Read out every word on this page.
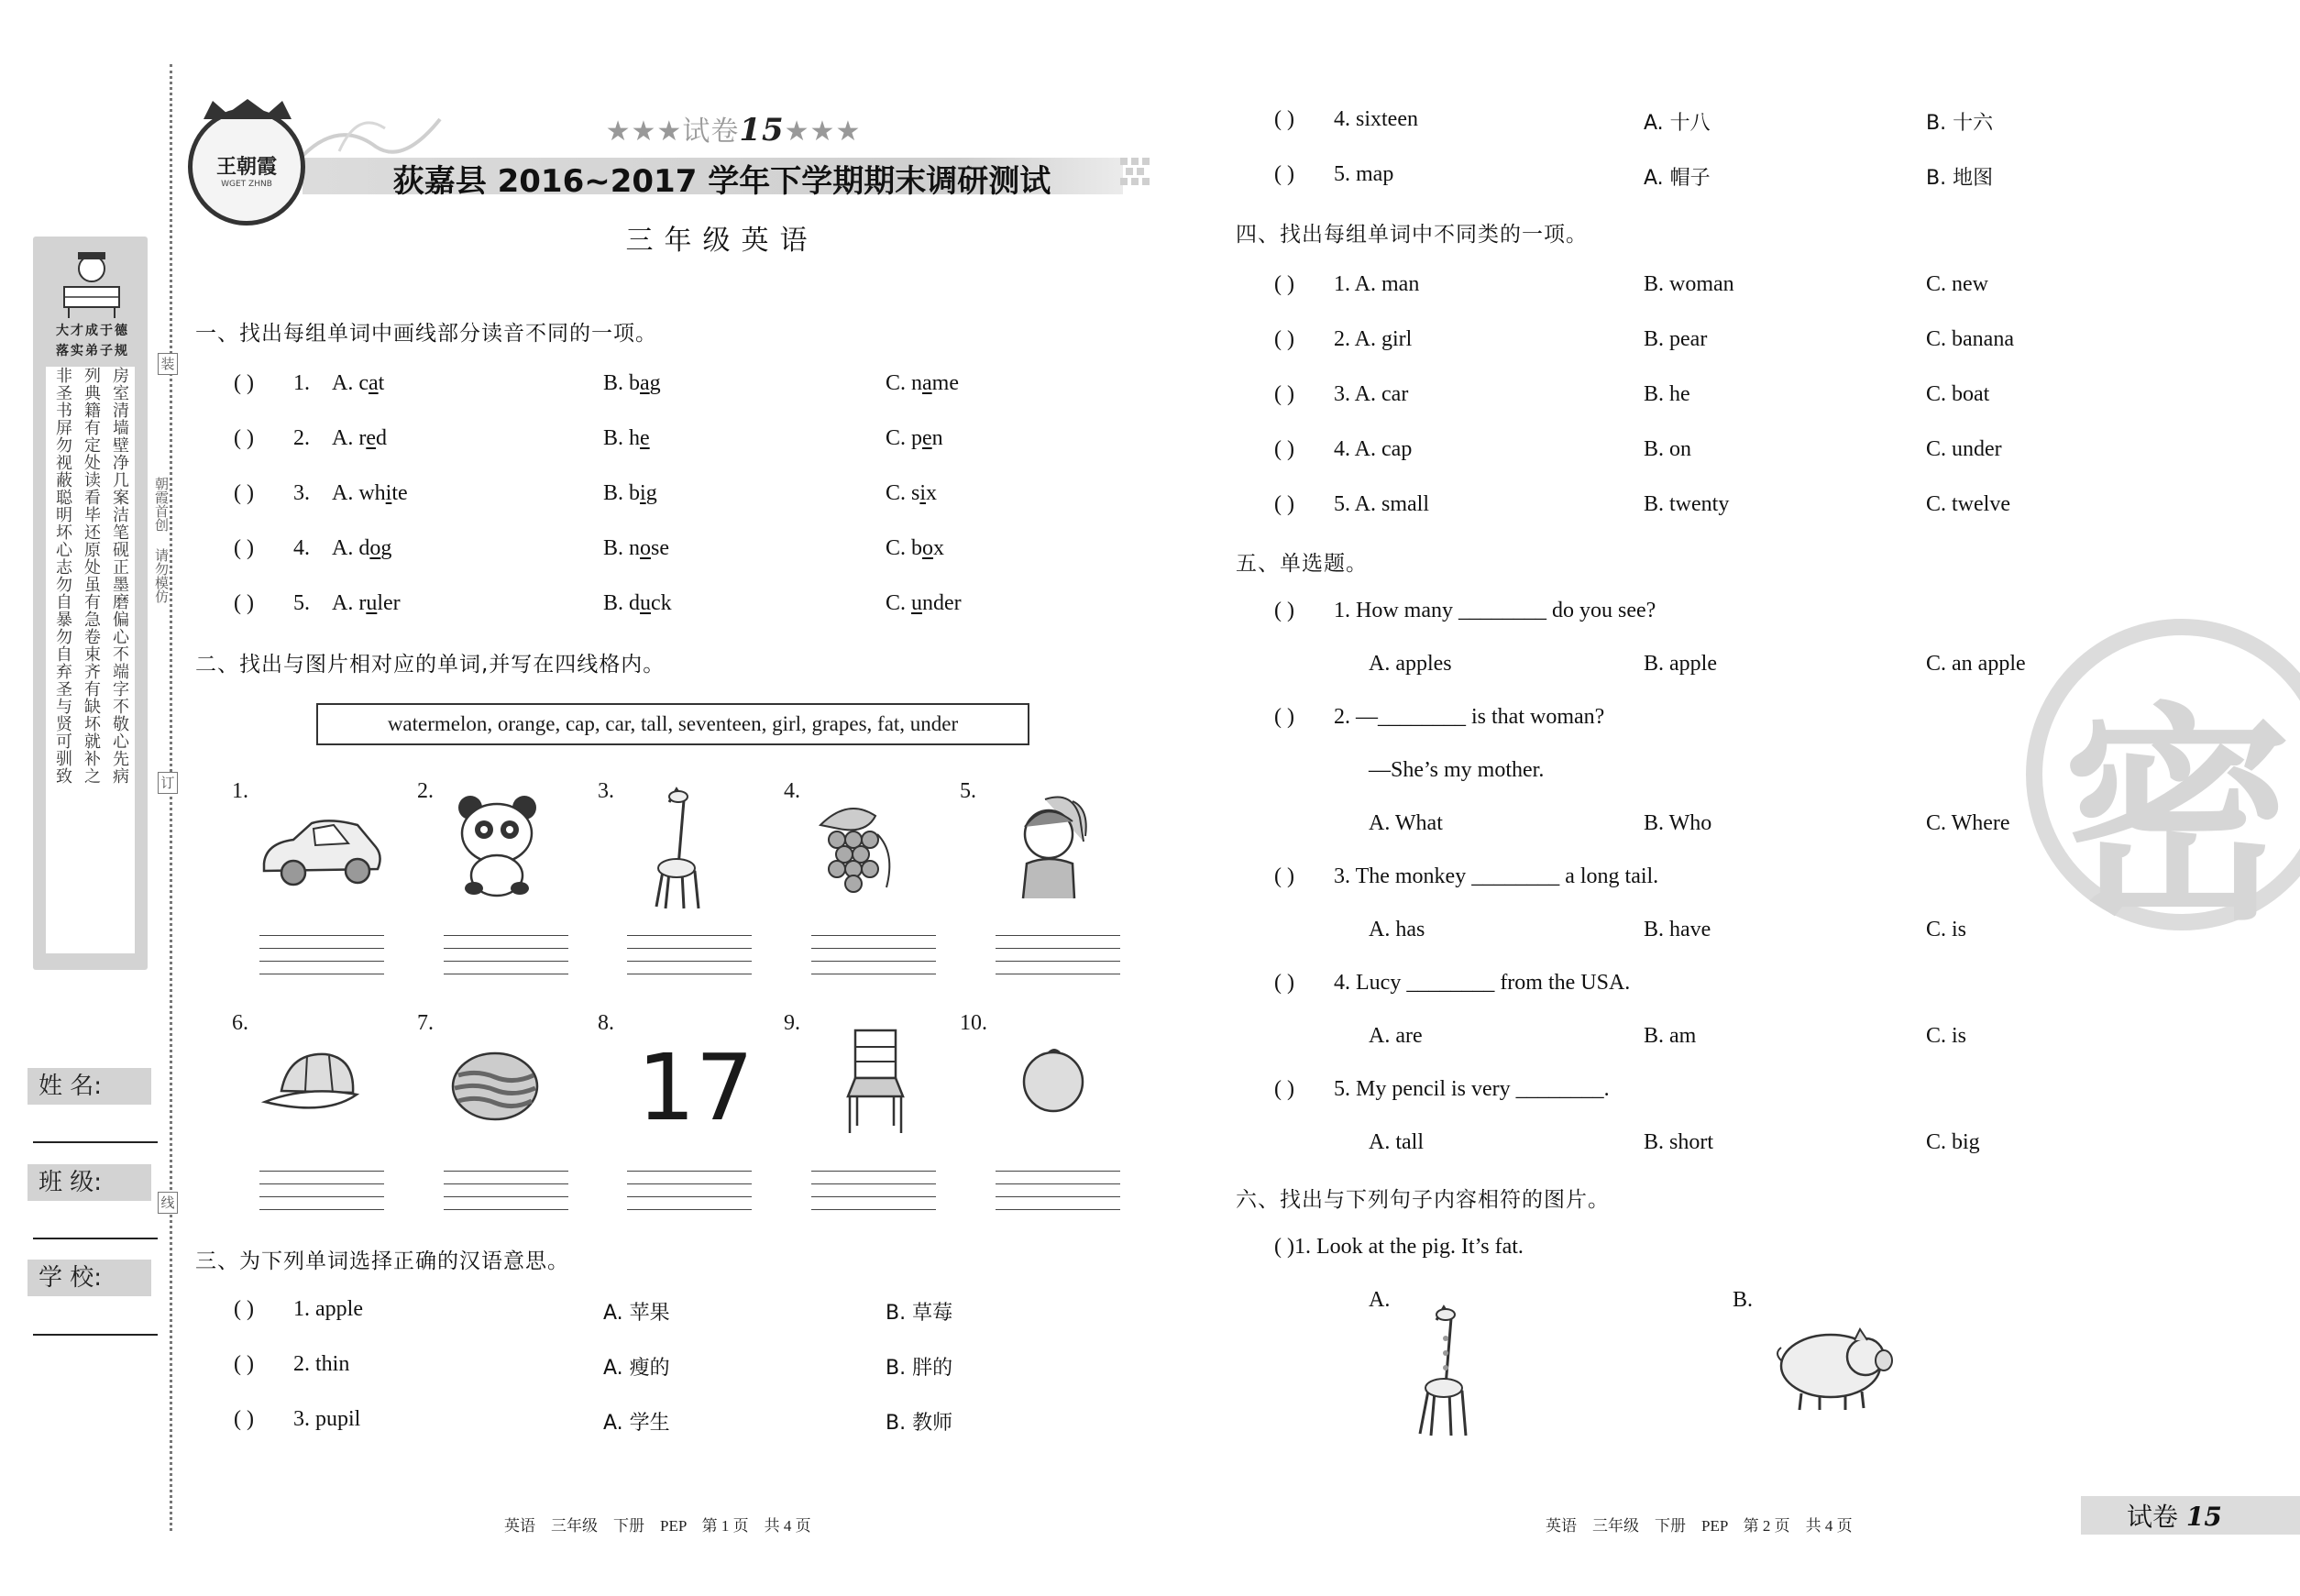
大才成于德
落实弟子规
非圣书屏勿视蔽聪明坏心志勿自暴勿自弃圣与贤可驯致 列典籍有定处读看毕还原处虽有急卷束齐有缺坏就补之 房室清墙壁净几案洁笔砚正墨磨偏心不端字不敬心先病
装
订
线
朝霞首创 请勿模仿
姓 名:
班 级:
学 校:
王朝霞
WGET ZHNB
★★★试卷15★★★
荻嘉县 2016~2017 学年下学期期末调研测试
三年级英语
一、找出每组单词中画线部分读音不同的一项。
二、找出与图片相对应的单词,并写在四线格内。
watermelon, orange, cap, car, tall, seventeen, girl, grapes, fat, under
17
三、为下列单词选择正确的汉语意思。
四、找出每组单词中不同类的一项。
五、单选题。
六、找出与下列句子内容相符的图片。
( )1. Look at the pig. It’s fat.
A.	B.
密
英语    三年级    下册    PEP    第 1 页    共 4 页	英语    三年级    下册    PEP    第 2 页    共 4 页	试卷 15
( ) 1. A. cat	B. bag	C. name
( ) 2. A. red	B. he	C. pen
( ) 3. A. white	B. big	C. six
( ) 4. A. dog	B. nose	C. box
( ) 5. A. ruler	B. duck	C. under
1.	2.	3.	4.	5.
6.	7.	8.	9.	10.
( ) 1. apple	A. 苹果	B. 草莓
( ) 2. thin	A. 瘦的	B. 胖的
( ) 3. pupil	A. 学生	B. 教师
( ) 4. sixteen	A. 十八	B. 十六
( ) 5. map	A. 帽子	B. 地图
( ) 1. A. man	B. woman	C. new
( ) 2. A. girl	B. pear	C. banana
( ) 3. A. car	B. he	C. boat
( ) 4. A. cap	B. on	C. under
( ) 5. A. small	B. twenty	C. twelve
( ) 1. How many ________ do you see?
A. apples	B. apple	C. an apple
( ) 2. —________ is that woman?
—She’s my mother.
A. What	B. Who	C. Where
( ) 3. The monkey ________ a long tail.
A. has	B. have	C. is
( ) 4. Lucy ________ from the USA.
A. are	B. am	C. is
( ) 5. My pencil is very ________.
A. tall	B. short	C. big
